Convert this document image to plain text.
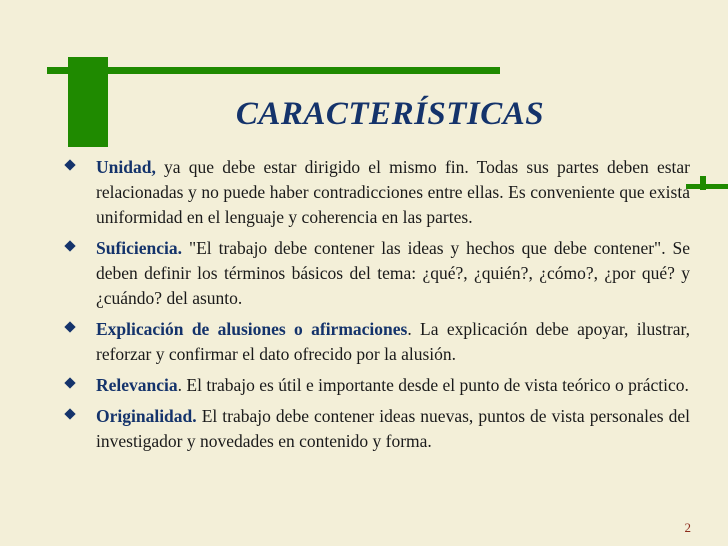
CARACTERÍSTICAS
Unidad, ya que debe estar dirigido el mismo fin. Todas sus partes deben estar relacionadas y no puede haber contradicciones entre ellas. Es conveniente que exista uniformidad en el lenguaje y coherencia en las partes.
Suficiencia. "El trabajo debe contener las ideas y hechos que debe contener". Se deben definir los términos básicos del tema: ¿qué?, ¿quién?, ¿cómo?, ¿por qué? y ¿cuándo? del asunto.
Explicación de alusiones o afirmaciones. La explicación debe apoyar, ilustrar, reforzar y confirmar el dato ofrecido por la alusión.
Relevancia. El trabajo es útil e importante desde el punto de vista teórico o práctico.
Originalidad. El trabajo debe contener ideas nuevas, puntos de vista personales del investigador y novedades en contenido y forma.
2
